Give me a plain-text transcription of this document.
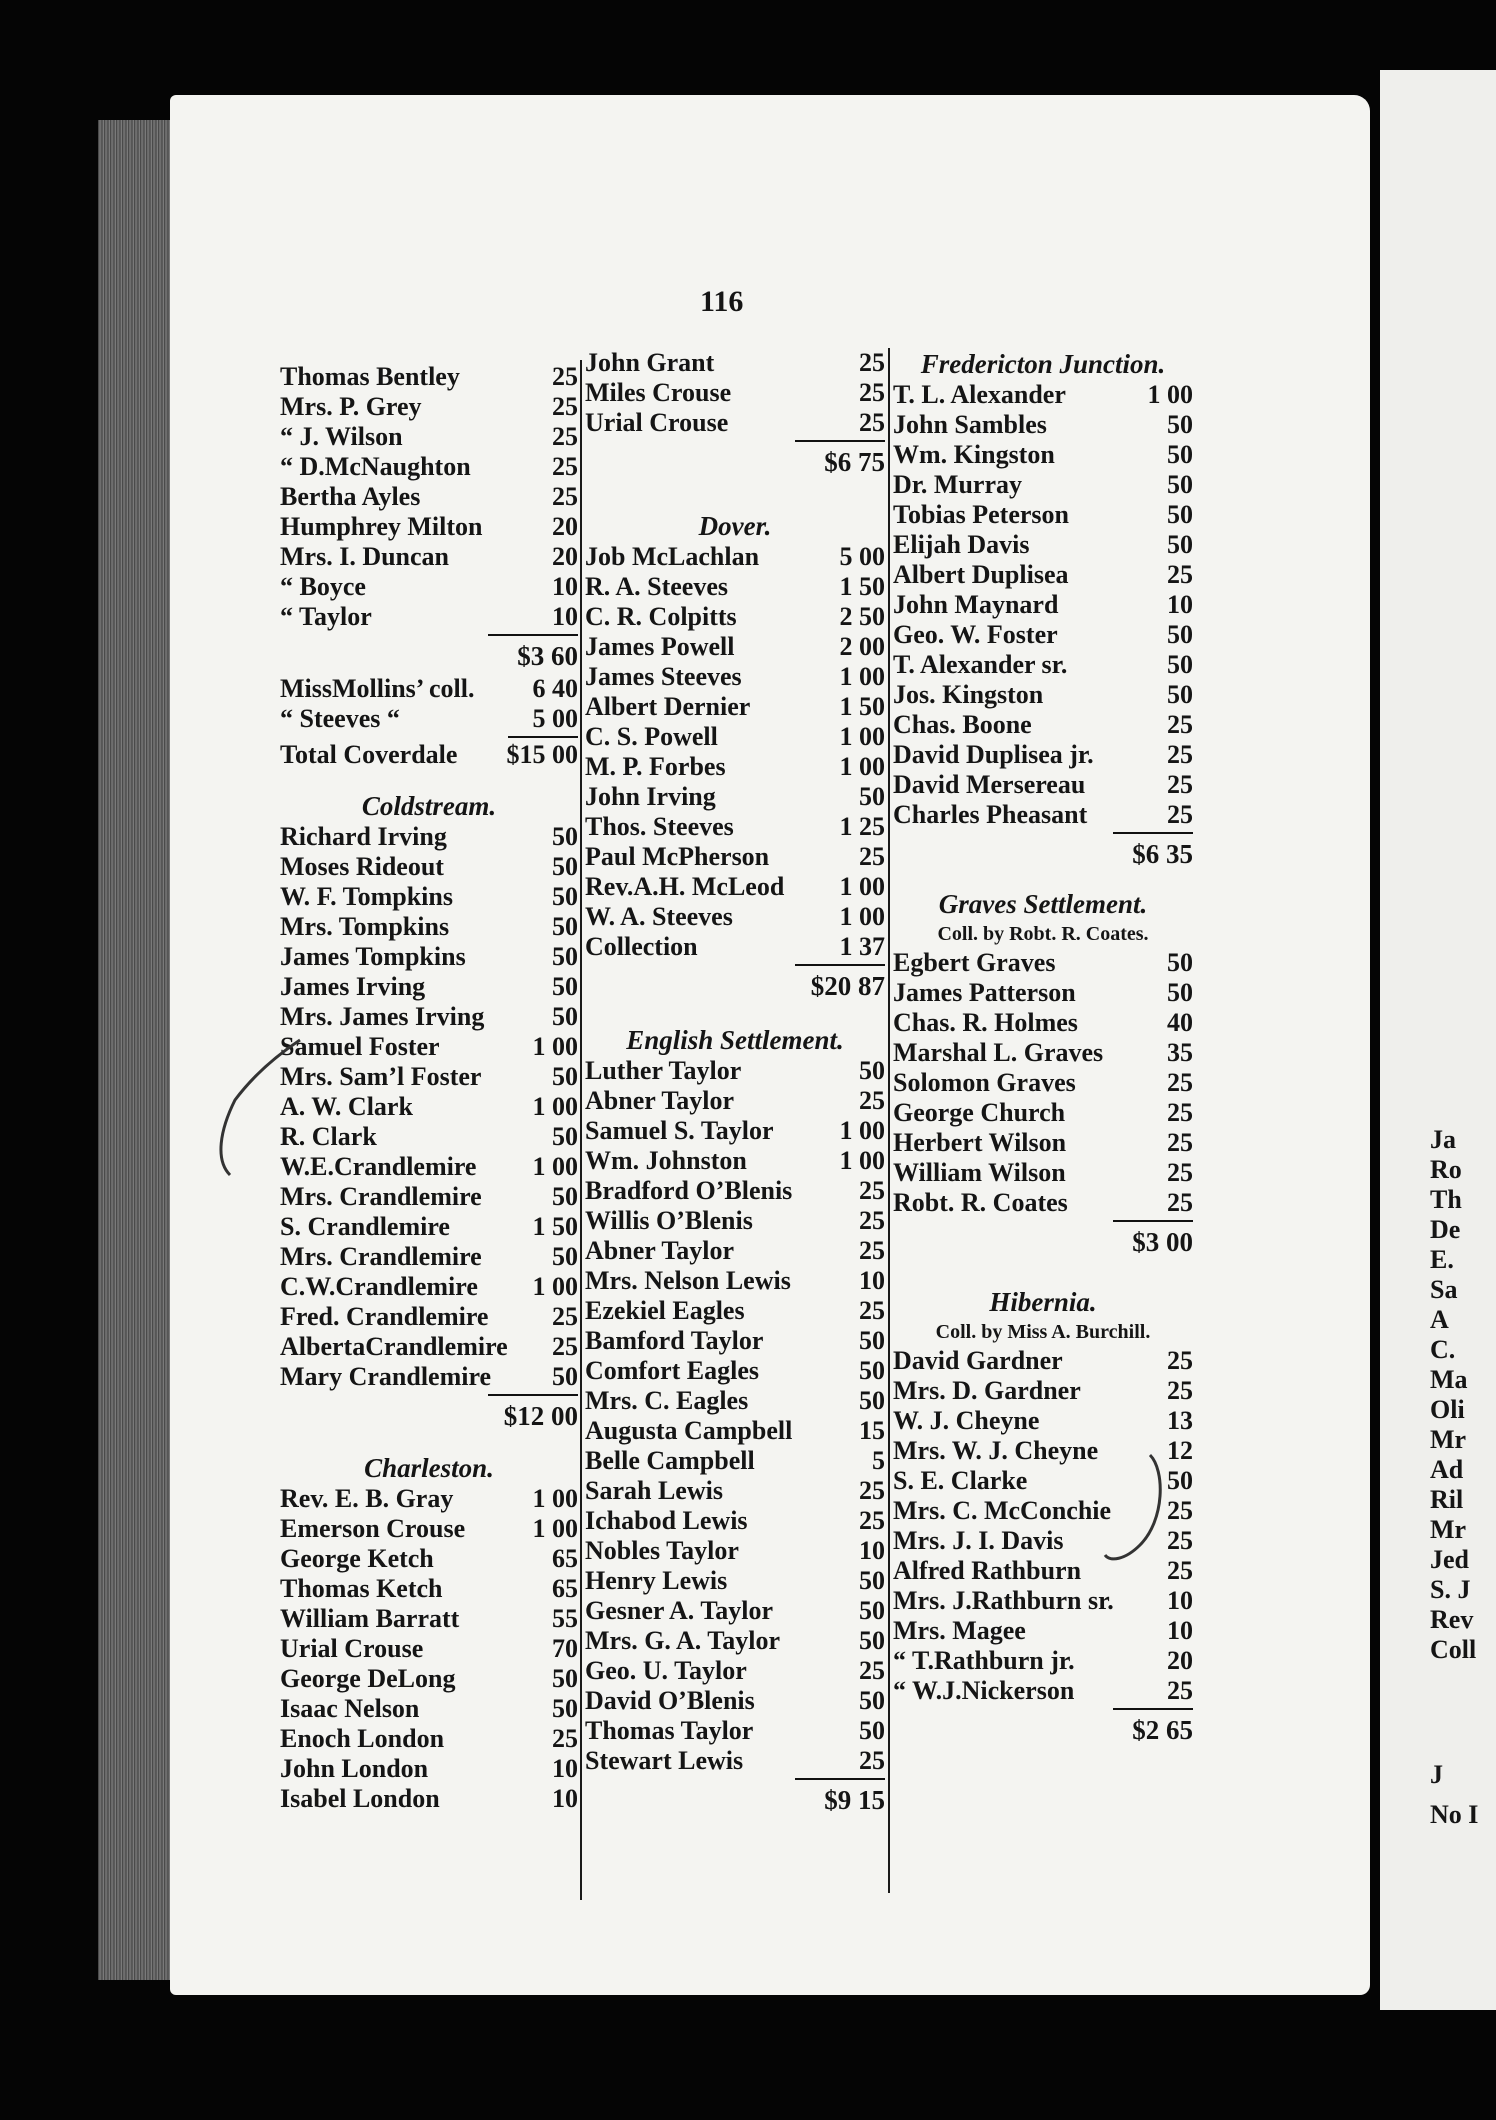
Ja
Ro
Th
De
E.
Sa
A
C.
Ma
Oli
Mr
Ad
Ril
Mr
Jed
S. J
Rev
Coll
J
No I
116
Thomas Bentley	25
Mrs. P. Grey	25
“ J. Wilson	25
“ D.McNaughton	25
Bertha Ayles	25
Humphrey Milton	20
Mrs. I. Duncan	20
“ Boyce	10
“ Taylor	10
$3 60
MissMollins’ coll. 6 40
“ Steeves “	5 00
Total Coverdale $15 00
Coldstream.
Richard Irving	50
Moses Rideout	50
W. F. Tompkins	50
Mrs. Tompkins	50
James Tompkins	50
James Irving	50
Mrs. James Irving	50
Samuel Foster	1 00
Mrs. Sam’l Foster	50
A. W. Clark	1 00
R. Clark	50
W.E.Crandlemire 1 00
Mrs. Crandlemire	50
S. Crandlemire	1 50
Mrs. Crandlemire	50
C.W.Crandlemire 1 00
Fred. Crandlemire 25
AlbertaCrandlemire 25
Mary Crandlemire 50
$12 00
Charleston.
Rev. E. B. Gray	1 00
Emerson Crouse	1 00
George Ketch	65
Thomas Ketch	65
William Barratt	55
Urial Crouse	70
George DeLong	50
Isaac Nelson	50
Enoch London	25
John London	10
Isabel London	10
John Grant	25
Miles Crouse	25
Urial Crouse	25
$6 75
Dover.
Job McLachlan	5 00
R. A. Steeves	1 50
C. R. Colpitts	2 50
James Powell	2 00
James Steeves	1 00
Albert Dernier	1 50
C. S. Powell	1 00
M. P. Forbes	1 00
John Irving	50
Thos. Steeves	1 25
Paul McPherson	25
Rev.A.H. McLeod 1 00
W. A. Steeves	1 00
Collection	1 37
$20 87
English Settlement.
Luther Taylor	50
Abner Taylor	25
Samuel S. Taylor	1 00
Wm. Johnston	1 00
Bradford O’Blenis	25
Willis O’Blenis	25
Abner Taylor	25
Mrs. Nelson Lewis	10
Ezekiel Eagles	25
Bamford Taylor	50
Comfort Eagles	50
Mrs. C. Eagles	50
Augusta Campbell	15
Belle Campbell	5
Sarah Lewis	25
Ichabod Lewis	25
Nobles Taylor	10
Henry Lewis	50
Gesner A. Taylor	50
Mrs. G. A. Taylor	50
Geo. U. Taylor	25
David O’Blenis	50
Thomas Taylor	50
Stewart Lewis	25
$9 15
Fredericton Junction.
T. L. Alexander	1 00
John Sambles	50
Wm. Kingston	50
Dr. Murray	50
Tobias Peterson	50
Elijah Davis	50
Albert Duplisea	25
John Maynard	10
Geo. W. Foster	50
T. Alexander sr.	50
Jos. Kingston	50
Chas. Boone	25
David Duplisea jr.	25
David Mersereau	25
Charles Pheasant	25
$6 35
Graves Settlement.
Coll. by Robt. R. Coates.
Egbert Graves	50
James Patterson	50
Chas. R. Holmes	40
Marshal L. Graves 35
Solomon Graves	25
George Church	25
Herbert Wilson	25
William Wilson	25
Robt. R. Coates	25
$3 00
Hibernia.
Coll. by Miss A. Burchill.
David Gardner	25
Mrs. D. Gardner	25
W. J. Cheyne	13
Mrs. W. J. Cheyne	12
S. E. Clarke	50
Mrs. C. McConchie 25
Mrs. J. I. Davis	25
Alfred Rathburn	25
Mrs. J.Rathburn sr. 10
Mrs. Magee	10
“ T.Rathburn jr.	20
“ W.J.Nickerson	25
$2 65
